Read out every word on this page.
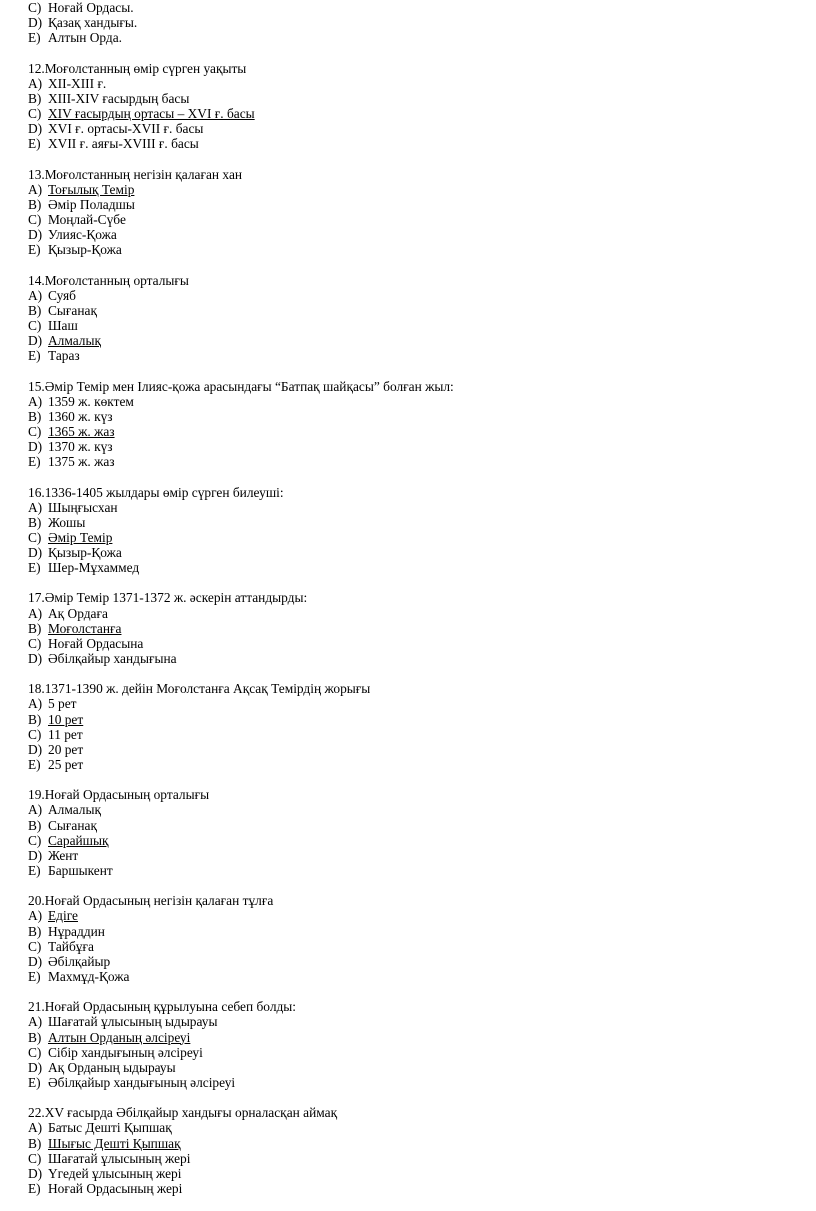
C) Ноғай Ордасы.
D) Қазақ хандығы.
E) Алтын Орда.
12.Моғолстанның өмір сүрген уақыты
A) XII-XIII ғ.
B) XIII-XIV ғасырдың басы
C) XIV ғасырдың ортасы – XVI ғ. басы
D) XVI ғ. ортасы-XVII ғ. басы
E) XVII ғ. аяғы-XVIII ғ. басы
13.Моғолстанның негізін қалаған хан
A) Тоғылық Темір
B) Әмір Поладшы
C) Моңлай-Сүбе
D) Улияс-Қожа
E) Қызыр-Қожа
14.Моғолстанның орталығы
A) Суяб
B) Сығанақ
C) Шаш
D) Алмалық
E) Тараз
15.Әмір Темір мен Ілияс-қожа арасындағы “Батпақ шайқасы” болған жыл:
A) 1359 ж. көктем
B) 1360 ж. күз
C) 1365 ж. жаз
D) 1370 ж. күз
E) 1375 ж. жаз
16.1336-1405 жылдары өмір сүрген билеуші:
A) Шыңғысхан
B) Жошы
C) Әмір Темір
D) Қызыр-Қожа
E) Шер-Мұхаммед
17.Әмір Темір 1371-1372 ж. әскерін аттандырды:
A) Ақ Ордаға
B) Моғолстанға
C) Ноғай Ордасына
D) Әбілқайыр хандығына
18.1371-1390 ж. дейін Моғолстанға Ақсақ Темірдің жорығы
A) 5 рет
B) 10 рет
C) 11 рет
D) 20 рет
E) 25 рет
19.Ноғай Ордасының орталығы
A) Алмалық
B) Сығанақ
C) Сарайшық
D) Жент
E) Баршыкент
20.Ноғай Ордасының негізін қалаған тұлға
A) Едіге
B) Нұраддин
C) Тайбұға
D) Әбілқайыр
E) Махмұд-Қожа
21.Ноғай Ордасының құрылуына себеп болды:
A) Шағатай ұлысының ыдырауы
B) Алтын Орданың әлсіреуі
C) Сібір хандығының әлсіреуі
D) Ақ Орданың ыдырауы
E) Әбілқайыр хандығының әлсіреуі
22.XV ғасырда Әбілқайыр хандығы орналасқан аймақ
A) Батыс Дешті Қыпшақ
B) Шығыс Дешті Қыпшақ
C) Шағатай ұлысының жері
D) Үгедей ұлысының жері
E) Ноғай Ордасының жері
